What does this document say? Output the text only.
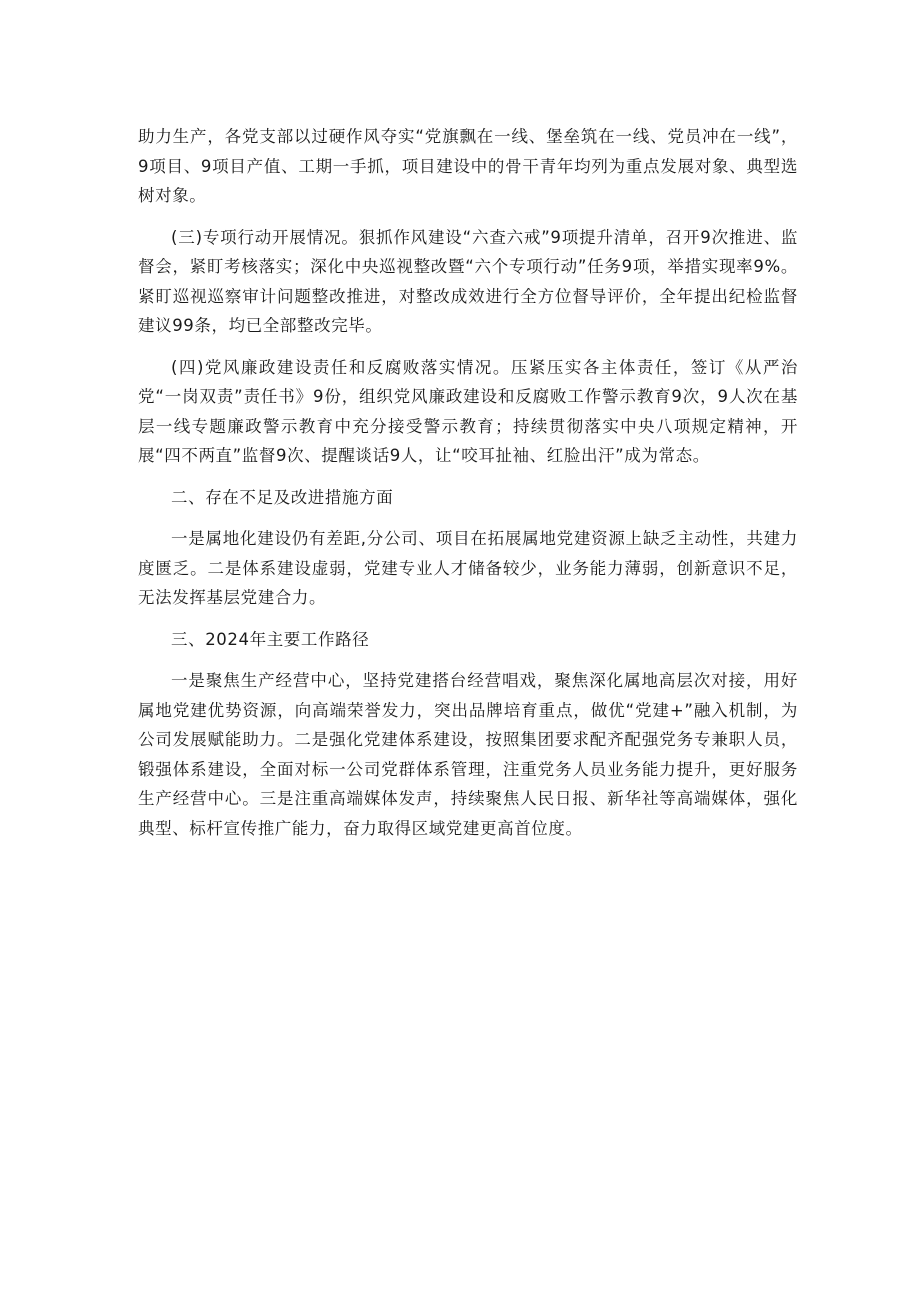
助力生产，各党支部以过硬作风夺实“党旗飘在一线、堡垒筑在一线、党员冲在一线”，9项目、9项目产值、工期一手抓，项目建设中的骨干青年均列为重点发展对象、典型选树对象。

(三)专项行动开展情况。狠抓作风建设“六查六戒”9项提升清单，召开9次推进、监督会，紧盯考核落实；深化中央巡视整改暨“六个专项行动”任务9项，举措实现率9%。紧盯巡视巡察审计问题整改推进，对整改成效进行全方位督导评价，全年提出纪检监督建议99条，均已全部整改完毕。

(四)党风廉政建设责任和反腐败落实情况。压紧压实各主体责任，签订《从严治党“一岗双责”责任书》9份，组织党风廉政建设和反腐败工作警示教育9次，9人次在基层一线专题廉政警示教育中充分接受警示教育；持续贯彻落实中央八项规定精神，开展“四不两直”监督9次、提醒谈话9人，让“咬耳扯袖、红脸出汗”成为常态。

二、存在不足及改进措施方面

一是属地化建设仍有差距,分公司、项目在拓展属地党建资源上缺乏主动性，共建力度匮乏。二是体系建设虚弱，党建专业人才储备较少，业务能力薄弱，创新意识不足，无法发挥基层党建合力。

三、2024年主要工作路径

一是聚焦生产经营中心，坚持党建搭台经营唱戏，聚焦深化属地高层次对接，用好属地党建优势资源，向高端荣誉发力，突出品牌培育重点，做优“党建+”融入机制，为公司发展赋能助力。二是强化党建体系建设，按照集团要求配齐配强党务专兼职人员，锻强体系建设，全面对标一公司党群体系管理，注重党务人员业务能力提升，更好服务生产经营中心。三是注重高端媒体发声，持续聚焦人民日报、新华社等高端媒体，强化典型、标杆宣传推广能力，奋力取得区域党建更高首位度。
